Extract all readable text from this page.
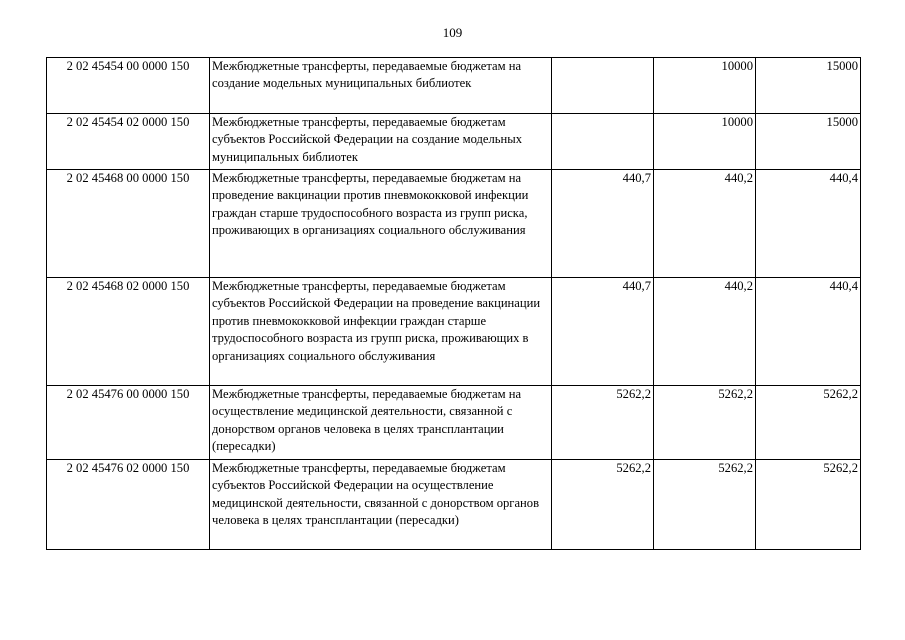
109
2 02 45454 00 0000 150	Межбюджетные трансферты, передаваемые бюджетам на создание модельных муниципальных библиотек		10000	15000
2 02 45454 02 0000 150	Межбюджетные трансферты, передаваемые бюджетам субъектов Российской Федерации на создание модельных муниципальных библиотек		10000	15000
2 02 45468 00 0000 150	Межбюджетные трансферты, передаваемые бюджетам на проведение вакцинации против пневмококковой инфекции граждан старше трудоспособного возраста из групп риска, проживающих в организациях социального обслуживания	440,7	440,2	440,4
2 02 45468 02 0000 150	Межбюджетные трансферты, передаваемые бюджетам субъектов Российской Федерации на проведение вакцинации против пневмококковой инфекции граждан старше трудоспособного возраста из групп риска, проживающих в организациях социального обслуживания	440,7	440,2	440,4
2 02 45476 00 0000 150	Межбюджетные трансферты, передаваемые бюджетам на осуществление медицинской деятельности, связанной с донорством органов человека в целях трансплантации (пересадки)	5262,2	5262,2	5262,2
2 02 45476 02 0000 150	Межбюджетные трансферты, передаваемые бюджетам субъектов Российской Федерации на осуществление медицинской деятельности, связанной с донорством органов человека в целях трансплантации (пересадки)	5262,2	5262,2	5262,2
